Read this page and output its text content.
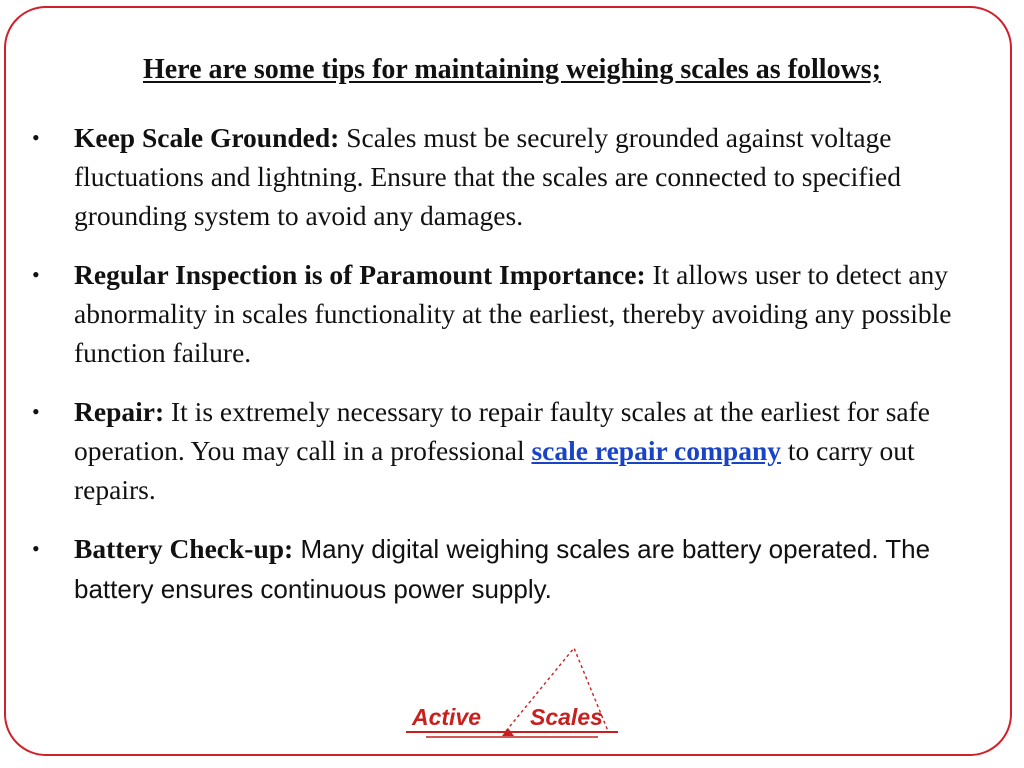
Here are some tips for maintaining weighing scales as follows;
• Keep Scale Grounded: Scales must be securely grounded against voltage fluctuations and lightning. Ensure that the scales are connected to specified grounding system to avoid any damages.
• Regular Inspection is of Paramount Importance: It allows user to detect any abnormality in scales functionality at the earliest, thereby avoiding any possible function failure.
• Repair: It is extremely necessary to repair faulty scales at the earliest for safe operation. You may call in a professional scale repair company to carry out repairs.
• Battery Check-up: Many digital weighing scales are battery operated. The battery ensures continuous power supply.
Active Scales
